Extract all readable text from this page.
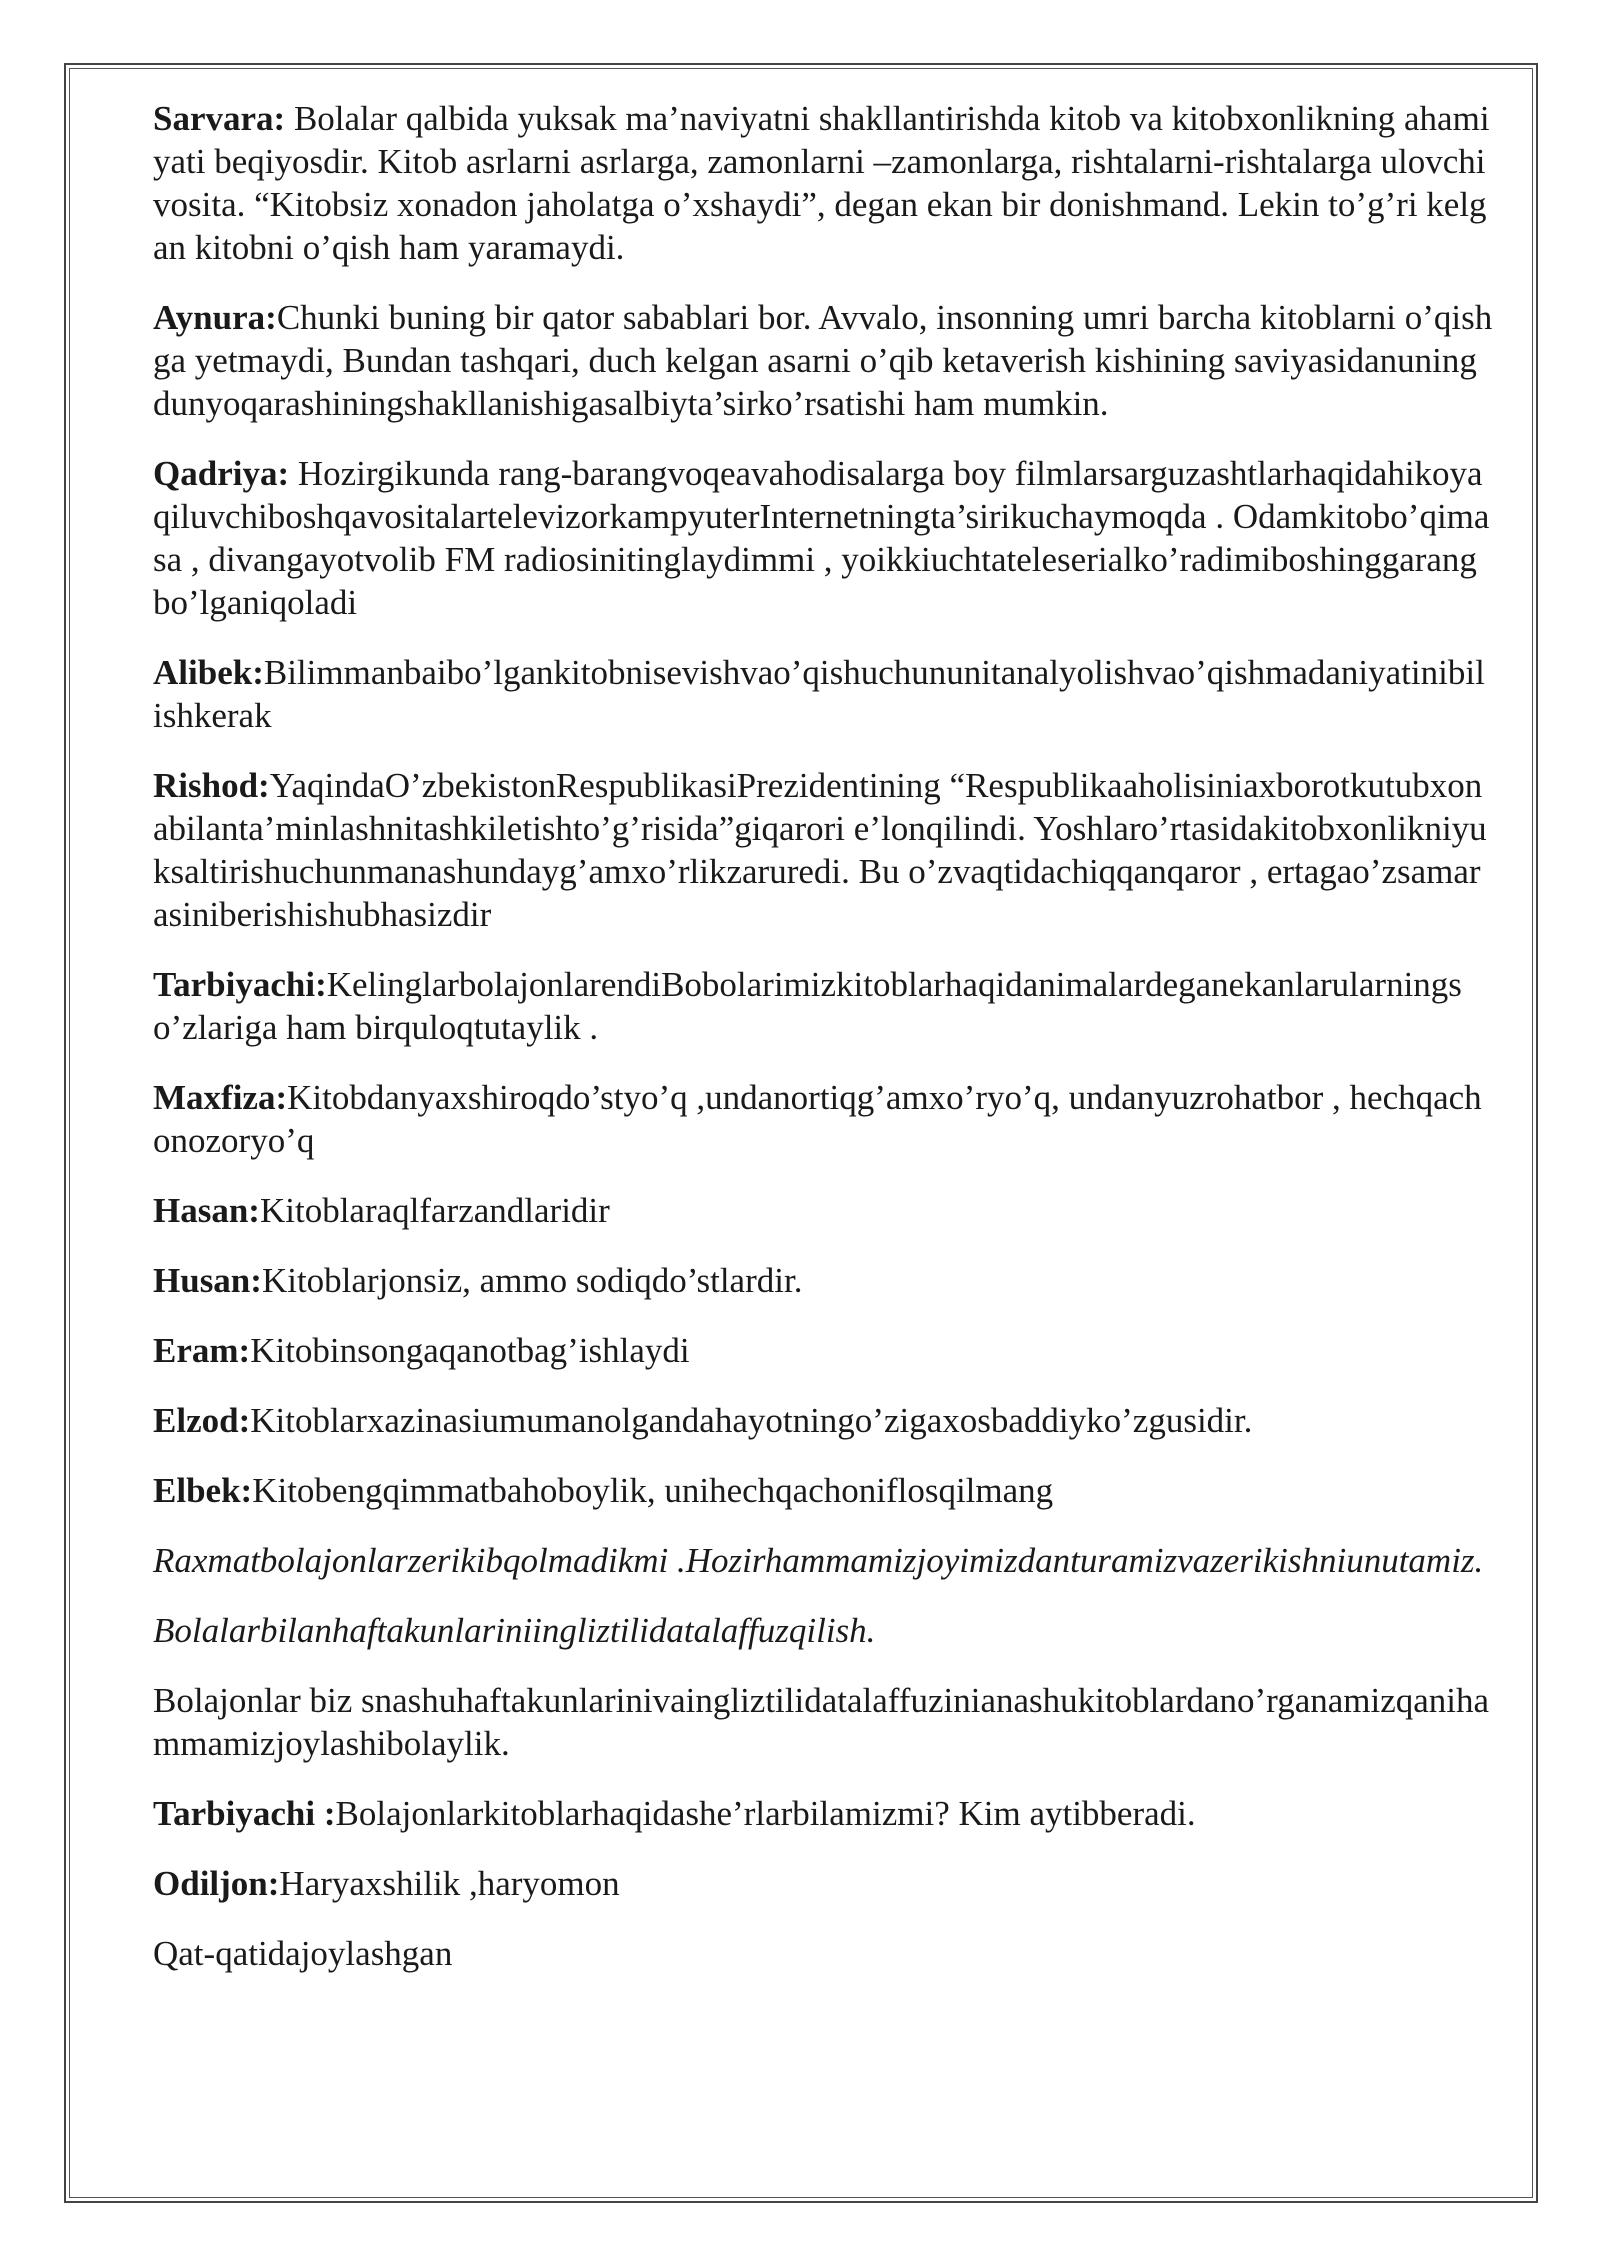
Sarvara: Bolalar qalbida yuksak ma’naviyatni shakllantirishda kitob va kitobxonlikning ahamiyati beqiyosdir. Kitob asrlarni asrlarga, zamonlarni –zamonlarga, rishtalarni-rishtalarga ulovchi vosita. “Kitobsiz xonadon jaholatga o’xshaydi”, degan ekan bir donishmand. Lekin to’g’ri kelgan kitobni o’qish ham yaramaydi.

Aynura:Chunki buning bir qator sabablari bor. Avvalo, insonning umri barcha kitoblarni o’qishga yetmaydi, Bundan tashqari, duch kelgan asarni o’qib ketaverish kishining saviyasidanuningdunyoqarashiningshakllanishigasalbiyta’sirko’rsatishi ham mumkin.

Qadriya: Hozirgikunda rang-barangvoqeavahodisalarga boy filmlarsarguzashtlarhaqidahikoyaqiluvchiboshqavositalartelevizorkampyuterInternetningta’sirikuchaymoqda . Odamkitobo’qimasa , divangayotvolib FM radiosinitinglaydimmi , yoikkiuchtateleserialko’radimiboshinggarangbo’lganiqoladi

Alibek:Bilimmanbaibo’lgankitobnisevishvao’qishuchununitanalyolishvao’qishmadaniyatinibilishkerak

Rishod:YaqindaO’zbekistonRespublikasiPrezidentining “Respublikaaholisiniaxborotkutubxonabilanta’minlashnitashkiletishto’g’risida”giqarori e’lonqilindi. Yoshlaro’rtasidakitobxonlikniyuksaltirishuchunmanashundayg’amxo’rlikzaruredi. Bu o’zvaqtidachiqqanqaror , ertagao’zsamarasiniberishishubhasizdir

Tarbiyachi:KelinglarbolajonlarendiBobolarimizkitoblarhaqidanimalardeganekanlarularningso’zlariga ham birquloqtutaylik .

Maxfiza:Kitobdanyaxshiroqdo’styo’q ,undanortiqg’amxo’ryo’q, undanyuzrohatbor , hechqachonozoryo’q

Hasan:Kitoblaraqlfarzandlaridir

Husan:Kitoblarjonsiz, ammo sodiqdo’stlardir.

Eram:Kitobinsongaqanotbag’ishlaydi

Elzod:Kitoblarxazinasiumumanolgandahayotningo’zigaxosbaddiyko’zgusidir.

Elbek:Kitobengqimmatbahoboylik, unihechqachoniflosqilmang

Raxmatbolajonlarzerikibqolmadikmi .Hozirhammamizjoyimizdanturamizvazerikishniunutamiz.

Bolalarbilanhaftakunlariniingliztilidatalaffuzqilish.

Bolajonlar biz snashuhaftakunlarinivaingliztilidatalaffuzinianashukitoblardano’rganamizqanihammamizjoylashibolaylik.

Tarbiyachi :Bolajonlarkitoblarhaqidashe’rlarbilamizmi? Kim aytibberadi.

Odiljon:Haryaxshilik ,haryomon

Qat-qatidajoylashgan
